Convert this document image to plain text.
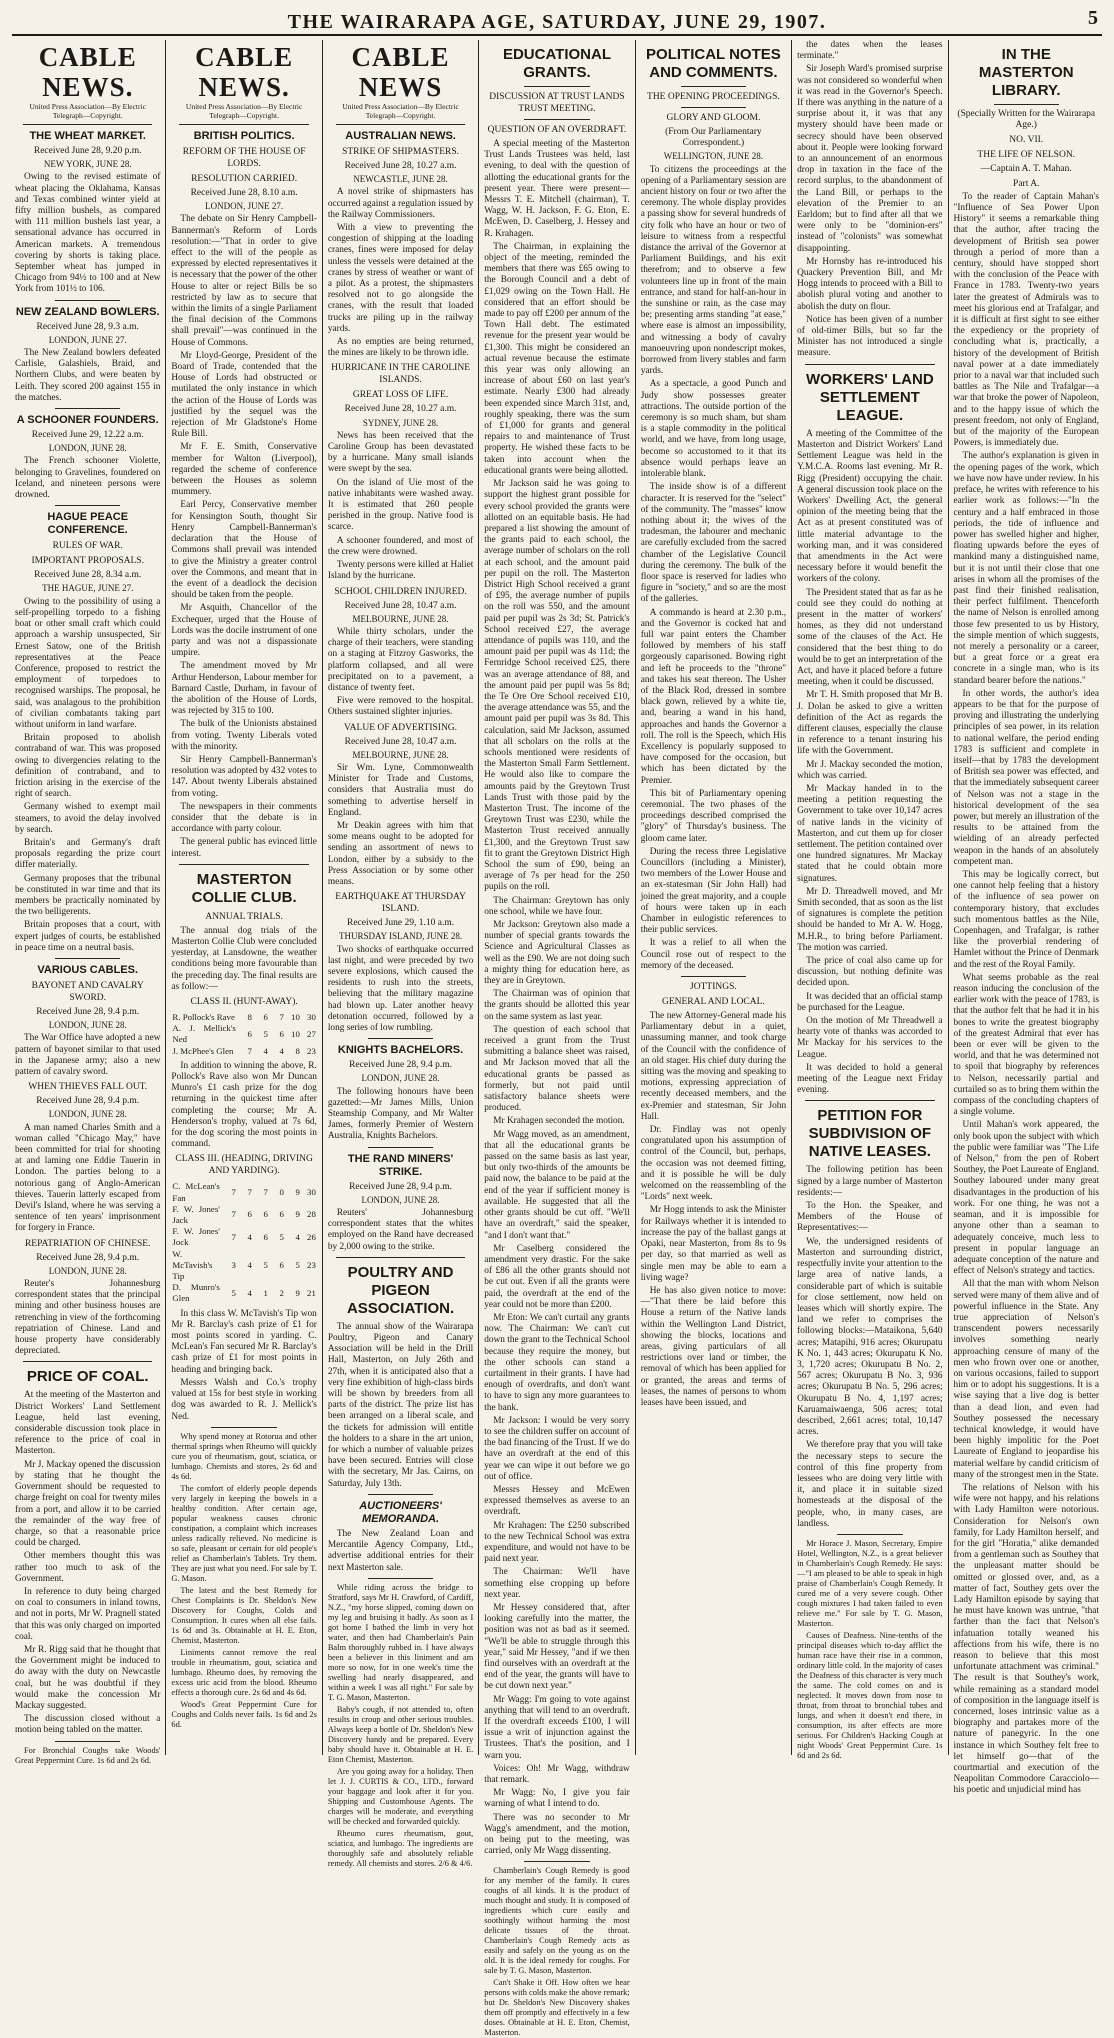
THE WAIRARAPA AGE, SATURDAY, JUNE 29, 1907.	5
CABLE NEWS.
United Press Association—By Electric Telegraph—Copyright.
THE WHEAT MARKET.
Received June 28, 9.20 p.m.
NEW YORK, JUNE 28.

Owing to the revised estimate of wheat placing the Oklahama, Kansas and Texas combined winter yield at fifty million bushels, as compared with 111 million bushels last year, a sensational advance has occurred in American markets. A tremendous covering by shorts is taking place. September wheat has jumped in Chicago from 94½ to 100 and at New York from 101½ to 106.

NEW ZEALAND BOWLERS.
Received June 28, 9.3 a.m.
LONDON, JUNE 27.

The New Zealand bowlers defeated Carlisle, Galashiels, Braid, and Northern Clubs, and were beaten by Leith. They scored 200 against 155 in the matches.

A SCHOONER FOUNDERS.
Received June 29, 12.22 a.m.
LONDON, JUNE 28.

The French schooner Violette, belonging to Gravelines, foundered on Iceland, and nineteen persons were drowned.

HAGUE PEACE CONFERENCE.
RULES OF WAR.
IMPORTANT PROPOSALS.
Received June 28, 8.34 a.m.
THE HAGUE, JUNE 27.

Owing to the possibility of using a self-propelling torpedo to a fishing boat or other small craft which could approach a warship unsuspected, Sir Ernest Satow, one of the British representatives at the Peace Conference, proposed to restrict the employment of torpedoes to recognised warships. The proposal, he said, was analagous to the prohibition of civilian combatants taking part without uniform in land warfare.

Britain proposed to abolish contraband of war. This was proposed owing to divergencies relating to the definition of contraband, and to friction arising in the exercise of the right of search.

Germany wished to exempt mail steamers, to avoid the delay involved by search.

Britain's and Germany's draft proposals regarding the prize court differ materially.

Germany proposes that the tribunal be constituted in war time and that its members be practically nominated by the two belligerents.

Britain proposes that a court, with expert judges of courts, be established in peace time on a neutral basis.

VARIOUS CABLES.
BAYONET AND CAVALRY SWORD.
Received June 28, 9.4 p.m.
LONDON, JUNE 28.

The War Office have adopted a new pattern of bayonet similar to that used in the Japanese army; also a new pattern of cavalry sword.

WHEN THIEVES FALL OUT.
Received June 28, 9.4 p.m.
LONDON, JUNE 28.

A man named Charles Smith and a woman called "Chicago May," have been committed for trial for shooting at and laming one Eddie Tauerin in London. The parties belong to a notorious gang of Anglo-American thieves. Tauerin latterly escaped from Devil's Island, where he was serving a sentence of ten years' imprisonment for forgery in France.

REPATRIATION OF CHINESE.
Received June 28, 9.4 p.m.
LONDON, JUNE 28.

Reuter's Johannesburg correspondent states that the principal mining and other business houses are retrenching in view of the forthcoming repatriation of Chinese. Land and house property have considerably depreciated.

PRICE OF COAL.

At the meeting of the Masterton and District Workers' Land Settlement League, held last evening, considerable discussion took place in reference to the price of coal in Masterton.

Mr J. Mackay opened the discussion by stating that he thought the Government should be requested to charge freight on coal for twenty miles from a port, and allow it to be carried the remainder of the way free of charge, so that a reasonable price could be charged.

Other members thought this was rather too much to ask of the Government.

In reference to duty being charged on coal to consumers in inland towns, and not in ports, Mr W. Pragnell stated that this was only charged on imported coal.

Mr R. Rigg said that he thought that the Government might be induced to do away with the duty on Newcastle coal, but he was doubtful if they would make the concession Mr Mackay suggested.

The discussion closed without a motion being tabled on the matter.

For Bronchial Coughs take Woods' Great Peppermint Cure. 1s 6d and 2s 6d.

CABLE NEWS.
United Press Association—By Electric Telegraph—Copyright.
BRITISH POLITICS.
REFORM OF THE HOUSE OF LORDS.
RESOLUTION CARRIED.
Received June 28, 8.10 a.m.
LONDON, JUNE 27.

The debate on Sir Henry Campbell-Bannerman's Reform of Lords resolution:—"That in order to give effect to the will of the people as expressed by elected representatives it is necessary that the power of the other House to alter or reject Bills be so restricted by law as to secure that within the limits of a single Parliament the final decision of the Commons shall prevail"—was continued in the House of Commons.

Mr Lloyd-George, President of the Board of Trade, contended that the House of Lords had obstructed or mutilated the only instance in which the action of the House of Lords was justified by the sequel was the rejection of Mr Gladstone's Home Rule Bill.

Mr F. E. Smith, Conservative member for Walton (Liverpool), regarded the scheme of conference between the Houses as solemn mummery.

Earl Percy, Conservative member for Kensington South, thought Sir Henry Campbell-Bannerman's declaration that the House of Commons shall prevail was intended to give the Ministry a greater control over the Commons, and meant that in the event of a deadlock the decision should be taken from the people.

Mr Asquith, Chancellor of the Exchequer, urged that the House of Lords was the docile instrument of one party and was not a dispassionate umpire.

The amendment moved by Mr Arthur Henderson, Labour member for Barnard Castle, Durham, in favour of the abolition of the House of Lords, was rejected by 315 to 100.

The bulk of the Unionists abstained from voting. Twenty Liberals voted with the minority.

Sir Henry Campbell-Bannerman's resolution was adopted by 432 votes to 147. About twenty Liberals abstained from voting.

The newspapers in their comments consider that the debate is in accordance with party colour.

The general public has evinced little interest.

MASTERTON COLLIE CLUB.
ANNUAL TRIALS.

The annual dog trials of the Masterton Collie Club were concluded yesterday, at Lansdowne, the weather conditions being more favourable than the preceding day. The final results are as follow:—

CLASS II. (HUNT-AWAY).
R. Pollock's Rave	8	6	7	10	30
A. J. Mellick's Ned	6	5	6	10	27
J. McPhee's Glen	7	4	4	8	23

In addition to winning the above, R. Pollock's Rave also won Mr Duncan Munro's £1 cash prize for the dog returning in the quickest time after completing the course; Mr A. Henderson's trophy, valued at 7s 6d, for the dog scoring the most points in command.

CLASS III. (HEADING, DRIVING AND YARDING).
C. McLean's Fan	7	7	7	0	9	30
F. W. Jones' Jack	7	6	6	6	9	28
F. W. Jones' Jock	7	4	6	5	4	26
W. McTavish's Tip	3	4	5	6	5	23
D. Munro's Glen	5	4	1	2	9	21

In this class W. McTavish's Tip won Mr R. Barclay's cash prize of £1 for most points scored in yarding. C. McLean's Fan secured Mr R. Barclay's cash prize of £1 for most points in heading and bringing back.

Messrs Walsh and Co.'s trophy valued at 15s for best style in working dog was awarded to R. J. Mellick's Ned.

Why spend money at Rotorua and other thermal springs when Rheumo will quickly cure you of rheumatism, gout, sciatica, or lumbago. Chemists and stores, 2s 6d and 4s 6d.

The comfort of elderly people depends very largely in keeping the bowels in a healthy condition. After certain age, popular weakness causes chronic constipation, a complaint which increases unless radically relieved. No medicine is so safe, pleasant or certain for old people's relief as Chamberlain's Tablets. Try them. They are just what you need. For sale by T. G. Mason.

The latest and the best Remedy for Chest Complaints is Dr. Sheldon's New Discovery for Coughs, Colds and Consumption. It cures when all else fails. 1s 6d and 3s. Obtainable at H. E. Eton, Chemist, Masterton.

Liniments cannot remove the real trouble in rheumatism, gout, sciatica and lumbago. Rheumo does, by removing the excess uric acid from the blood. Rheumo effects a thorough cure. 2s 6d and 4s 6d.

Wood's Great Peppermint Cure for Coughs and Colds never fails. 1s 6d and 2s 6d.

CABLE NEWS
United Press Association—By Electric Telegraph—Copyright.
AUSTRALIAN NEWS.
STRIKE OF SHIPMASTERS.
Received June 28, 10.27 a.m.
NEWCASTLE, JUNE 28.

A novel strike of shipmasters has occurred against a regulation issued by the Railway Commissioners.

With a view to preventing the congestion of shipping at the loading cranes, fines were imposed for delay unless the vessels were detained at the cranes by stress of weather or want of a pilot. As a protest, the shipmasters resolved not to go alongside the cranes, with the result that loaded trucks are piling up in the railway yards.

As no empties are being returned, the mines are likely to be thrown idle.

HURRICANE IN THE CAROLINE ISLANDS.
GREAT LOSS OF LIFE.
Received June 28, 10.27 a.m.
SYDNEY, JUNE 28.

News has been received that the Caroline Group has been devastated by a hurricane. Many small islands were swept by the sea.

On the island of Uie most of the native inhabitants were washed away. It is estimated that 260 people perished in the group. Native food is scarce.

A schooner foundered, and most of the crew were drowned.

Twenty persons were killed at Haliet Island by the hurricane.

SCHOOL CHILDREN INJURED.
Received June 28, 10.47 a.m.
MELBOURNE, JUNE 28.

While thirty scholars, under the charge of their teachers, were standing on a staging at Fitzroy Gasworks, the platform collapsed, and all were precipitated on to a pavement, a distance of twenty feet.

Five were removed to the hospital. Others sustained slighter injuries.

VALUE OF ADVERTISING.
Received June 28, 10.47 a.m.
MELBOURNE, JUNE 28.

Sir Wm. Lyne, Commonwealth Minister for Trade and Customs, considers that Australia must do something to advertise herself in England.

Mr Deakin agrees with him that some means ought to be adopted for sending an assortment of news to London, either by a subsidy to the Press Association or by some other means.

EARTHQUAKE AT THURSDAY ISLAND.
Received June 29, 1.10 a.m.
THURSDAY ISLAND, JUNE 28.

Two shocks of earthquake occurred last night, and were preceded by two severe explosions, which caused the residents to rush into the streets, believing that the military magazine had blown up. Later another heavy detonation occurred, followed by a long series of low rumbling.

KNIGHTS BACHELORS.
Received June 28, 9.4 p.m.
LONDON, JUNE 28.

The following honours have been gazetted:—Mr James Mills, Union Steamship Company, and Mr Walter James, formerly Premier of Western Australia, Knights Bachelors.

THE RAND MINERS' STRIKE.
Received June 28, 9.4 p.m.
LONDON, JUNE 28.

Reuters' Johannesburg correspondent states that the whites employed on the Rand have decreased by 2,000 owing to the strike.

POULTRY AND PIGEON ASSOCIATION.

The annual show of the Wairarapa Poultry, Pigeon and Canary Association will be held in the Drill Hall, Masterton, on July 26th and 27th, when it is anticipated also that a very fine exhibition of high-class birds will be shown by breeders from all parts of the district. The prize list has been arranged on a liberal scale, and the tickets for admission will entitle the holders to a share in the art union, for which a number of valuable prizes have been secured. Entries will close with the secretary, Mr Jas. Cairns, on Saturday, July 13th.

AUCTIONEERS' MEMORANDA.

The New Zealand Loan and Mercantile Agency Company, Ltd., advertise additional entries for their next Masterton sale.

While riding across the bridge to Stratford, says Mr H. Crawford, of Cardiff, N.Z., "my horse slipped, coming down on my leg and bruising it badly. As soon as I got home I bathed the limb in very hot water, and then had Chamberlain's Pain Balm thoroughly rubbed in. I have always been a believer in this liniment and am more so now, for in one week's time the swelling had nearly disappeared, and within a week I was all right." For sale by T. G. Mason, Masterton.

Baby's cough, if not attended to, often results in croup and other serious troubles. Always keep a bottle of Dr. Sheldon's New Discovery handy and be prepared. Every baby should have it. Obtainable at H. E. Eton Chemist, Masterton.

Are you going away for a holiday. Then let J. J. CURTIS & CO., LTD., forward your baggage and look after it for you. Shipping and Customhouse Agents. The charges will be moderate, and everything will be checked and forwarded quickly.

Rheumo cures rheumatism, gout, sciatica, and lumbago. The ingredients are thoroughly safe and absolutely reliable remedy. All chemists and stores. 2/6 & 4/6.

EDUCATIONAL GRANTS.
DISCUSSION AT TRUST LANDS TRUST MEETING.
QUESTION OF AN OVERDRAFT.

A special meeting of the Masterton Trust Lands Trustees was held, last evening, to deal with the question of allotting the educational grants for the present year. There were present—Messrs T. E. Mitchell (chairman), T. Wagg, W. H. Jackson, F. G. Eton, E. McEwen, D. Caselberg, J. Hessey and R. Krahagen.

The Chairman, in explaining the object of the meeting, reminded the members that there was £65 owing to the Borough Council and a debt of £1,029 owing on the Town Hall. He considered that an effort should be made to pay off £200 per annum of the Town Hall debt. The estimated revenue for the present year would be £1,300. This might be considered an actual revenue because the estimate this year was only allowing an increase of about £60 on last year's estimate. Nearly £300 had already been expended since March 31st, and, roughly speaking, there was the sum of £1,000 for grants and general repairs to and maintenance of Trust property. He wished these facts to be taken into account when the educational grants were being allotted.

Mr Jackson said he was going to support the highest grant possible for every school provided the grants were allotted on an equitable basis. He had prepared a list showing the amount of the grants paid to each school, the average number of scholars on the roll at each school, and the amount paid per pupil on the roll. The Masterton District High School received a grant of £95, the average number of pupils on the roll was 550, and the amount paid per pupil was 2s 3d; St. Patrick's School received £27, the average attendance of pupils was 110, and the amount paid per pupil was 4s 11d; the Fernridge School received £25, there was an average attendance of 88, and the amount paid per pupil was 5s 8d; the Te Ore Ore School received £10, the average attendance was 55, and the amount paid per pupil was 3s 8d. This calculation, said Mr Jackson, assumed that all scholars on the rolls at the schools mentioned were residents of the Masterton Small Farm Settlement. He would also like to compare the amounts paid by the Greytown Trust Lands Trust with those paid by the Masterton Trust. The income of the Greytown Trust was £230, while the Masterton Trust received annually £1,300, and the Greytown Trust saw fit to grant the Greytown District High School the sum of £90, being an average of 7s per head for the 250 pupils on the roll.

The Chairman: Greytown has only one school, while we have four.

Mr Jackson: Greytown also made a number of special grants towards the Science and Agricultural Classes as well as the £90. We are not doing such a mighty thing for education here, as they are in Greytown.

The Chairman was of opinion that the grants should be allotted this year on the same system as last year.

The question of each school that received a grant from the Trust submitting a balance sheet was raised, and Mr Jackson moved that all the educational grants be passed as formerly, but not paid until satisfactory balance sheets were produced.

Mr Krahagen seconded the motion.

Mr Wagg moved, as an amendment, that all the educational grants be passed on the same basis as last year, but only two-thirds of the amounts be paid now, the balance to be paid at the end of the year if sufficient money is available. He suggested that all the other grants should be cut off. "We'll have an overdraft," said the speaker, "and I don't want that."

Mr Caselberg considered the amendment very drastic. For the sake of £86 all the other grants should not be cut out. Even if all the grants were paid, the overdraft at the end of the year could not be more than £200.

Mr Eton: We can't curtail any grants now. The Chairman: We can't cut down the grant to the Technical School because they require the money, but the other schools can stand a curtailment in their grants. I have had enough of overdrafts, and don't want to have to sign any more guarantees to the bank.

Mr Jackson: I would be very sorry to see the children suffer on account of the bad financing of the Trust. If we do have an overdraft at the end of this year we can wipe it out before we go out of office.

Messrs Hessey and McEwen expressed themselves as averse to an overdraft.

Mr Krahagen: The £250 subscribed to the new Technical School was extra expenditure, and would not have to be paid next year.

The Chairman: We'll have something else cropping up before next year.

Mr Hessey considered that, after looking carefully into the matter, the position was not as bad as it seemed. "We'll be able to struggle through this year," said Mr Hessey, "and if we then find ourselves with an overdraft at the end of the year, the grants will have to be cut down next year."

Mr Wagg: I'm going to vote against anything that will tend to an overdraft. If the overdraft exceeds £100, I will issue a writ of injunction against the Trustees. That's the position, and I warn you.

Voices: Oh! Mr Wagg, withdraw that remark.

Mr Wagg: No, I give you fair warning of what I intend to do.

There was no seconder to Mr Wagg's amendment, and the motion, on being put to the meeting, was carried, only Mr Wagg dissenting.

Chamberlain's Cough Remedy is good for any member of the family. It cures coughs of all kinds. It is the product of much thought and study. It is composed of ingredients which cure easily and soothingly without harming the most delicate tissues of the throat. Chamberlain's Cough Remedy acts as easily and safely on the young as on the old. It is the ideal remedy for coughs. For sale by T. G. Mason, Masterton.

Can't Shake it Off. How often we hear persons with colds make the above remark; but Dr. Sheldon's New Discovery shakes them off promptly and effectively in a few doses. Obtainable at H. E. Eton, Chemist, Masterton.

POLITICAL NOTES AND COMMENTS.
THE OPENING PROCEEDINGS.
GLORY AND GLOOM.
(From Our Parliamentary Correspondent.)
WELLINGTON, JUNE 28.

To citizens the proceedings at the opening of a Parliamentary session are ancient history on four or two after the ceremony. The whole display provides a passing show for several hundreds of city folk who have an hour or two of leisure to witness from a respectful distance the arrival of the Governor at Parliament Buildings, and his exit therefrom; and to observe a few volunteers line up in front of the main entrance, and stand for half-an-hour in the sunshine or rain, as the case may be; presenting arms standing "at ease," where ease is almost an impossibility, and witnessing a body of cavalry manoeuvring upon nondescript mokes, borrowed from livery stables and farm yards.

As a spectacle, a good Punch and Judy show possesses greater attractions. The outside portion of the ceremony is so much sham, but sham is a staple commodity in the political world, and we have, from long usage, become so accustomed to it that its absence would perhaps leave an intolerable blank.

The inside show is of a different character. It is reserved for the "select" of the community. The "masses" know nothing about it; the wives of the tradesman, the labourer and mechanic are carefully excluded from the sacred chamber of the Legislative Council during the ceremony. The bulk of the floor space is reserved for ladies who figure in "society," and so are the most of the galleries.

A commando is heard at 2.30 p.m., and the Governor is cocked hat and full war paint enters the Chamber followed by members of his staff gorgeously caparisoned. Bowing right and left he proceeds to the "throne" and takes his seat thereon. The Usher of the Black Rod, dressed in sombre black gown, relieved by a white tie, and, bearing a wand in his hand, approaches and hands the Governor a roll. The roll is the Speech, which His Excellency is popularly supposed to have composed for the occasion, but which has been dictated by the Premier.

This bit of Parliamentary opening ceremonial. The two phases of the proceedings described comprised the "glory" of Thursday's business. The gloom came later.

During the recess three Legislative Councillors (including a Minister), two members of the Lower House and an ex-statesman (Sir John Hall) had joined the great majority, and a couple of hours were taken up in each Chamber in eulogistic references to their public services.

It was a relief to all when the Council rose out of respect to the memory of the deceased.

JOTTINGS.
GENERAL AND LOCAL.

The new Attorney-General made his Parliamentary debut in a quiet, unassuming manner, and took charge of the Council with the confidence of an old stager. His chief duty during the sitting was the moving and speaking to motions, expressing appreciation of recently deceased members, and the ex-Premier and statesman, Sir John Hall.

Dr. Findlay was not openly congratulated upon his assumption of control of the Council, but, perhaps, the occasion was not deemed fitting, and it is possible he will be duly welcomed on the reassembling of the "Lords" next week.

Mr Hogg intends to ask the Minister for Railways whether it is intended to increase the pay of the ballast gangs at Opaki, near Masterton, from 8s to 9s per day, so that married as well as single men may be able to earn a living wage?

He has also given notice to move:—"That there be laid before this House a return of the Native lands within the Wellington Land District, showing the blocks, locations and areas, giving particulars of all restrictions over land or timber, the removal of which has been applied for or granted, the areas and terms of leases, the names of persons to whom leases have been issued, and

the dates when the leases terminate."

Sir Joseph Ward's promised surprise was not considered so wonderful when it was read in the Governor's Speech. If there was anything in the nature of a surprise about it, it was that any mystery should have been made or secrecy should have been observed about it. People were looking forward to an announcement of an enormous drop in taxation in the face of the record surplus, to the abandonment of the Land Bill, or perhaps to the elevation of the Premier to an Earldom; but to find after all that we were only to be "dominion-ers" instead of "colonists" was somewhat disappointing.

Mr Hornsby has re-introduced his Quackery Prevention Bill, and Mr Hogg intends to proceed with a Bill to abolish plural voting and another to abolish the duty on flour.

Notice has been given of a number of old-timer Bills, but so far the Minister has not introduced a single measure.

WORKERS' LAND SETTLEMENT LEAGUE.

A meeting of the Committee of the Masterton and District Workers' Land Settlement League was held in the Y.M.C.A. Rooms last evening. Mr R. Rigg (President) occupying the chair. A general discussion took place on the Workers' Dwelling Act, the general opinion of the meeting being that the Act as at present constituted was of little material advantage to the working man, and it was considered that amendments in the Act were necessary before it would benefit the workers of the colony.

The President stated that as far as he could see they could do nothing at present in the matter of workers' homes, as they did not understand some of the clauses of the Act. He considered that the best thing to do would be to get an interpretation of the Act, and have it placed before a future meeting, when it could be discussed.

Mr T. H. Smith proposed that Mr B. J. Dolan be asked to give a written definition of the Act as regards the different clauses, especially the clause in reference to a tenant insuring his life with the Government.

Mr J. Mackay seconded the motion, which was carried.

Mr Mackay handed in to the meeting a petition requesting the Government to take over 10,147 acres of native lands in the vicinity of Masterton, and cut them up for closer settlement. The petition contained over one hundred signatures. Mr Mackay stated that he could obtain more signatures.

Mr D. Threadwell moved, and Mr Smith seconded, that as soon as the list of signatures is complete the petition should be handed to Mr A. W. Hogg, M.H.R., to bring before Parliament. The motion was carried.

The price of coal also came up for discussion, but nothing definite was decided upon.

It was decided that an official stamp be purchased for the League.

On the motion of Mr Threadwell a hearty vote of thanks was accorded to Mr Mackay for his services to the League.

It was decided to hold a general meeting of the League next Friday evening.

PETITION FOR SUBDIVISION OF NATIVE LEASES.

The following petition has been signed by a large number of Masterton residents:—

To the Hon. the Speaker, and Members of the House of Representatives:—

We, the undersigned residents of Masterton and surrounding district, respectfully invite your attention to the large area of native lands, a considerable part of which is suitable for close settlement, now held on leases which will shortly expire. The land we refer to comprises the following blocks:—Mataikona, 5,640 acres; Matapihi, 916 acres; Okurupatu K No. 1, 443 acres; Okurupatu K No. 3, 1,720 acres; Okurupatu B No. 2, 567 acres; Okurupatu B No. 3, 936 acres; Okurupatu B No. 5, 296 acres; Okurupatu B No. 4, 1,197 acres; Karuamaiwaenga, 506 acres; total described, 2,661 acres; total, 10,147 acres.

We therefore pray that you will take the necessary steps to secure the control of this fine property from lessees who are doing very little with it, and place it in suitable sized homesteads at the disposal of the people, who, in many cases, are landless.

Mr Horace J. Mason, Secretary, Empire Hotel, Wellington, N.Z., is a great believer in Chamberlain's Cough Remedy. He says:—"I am pleased to be able to speak in high praise of Chamberlain's Cough Remedy. It cured me of a very severe cough. Other cough mixtures I had taken failed to even relieve me." For sale by T. G. Mason, Masterton.

Causes of Deafness. Nine-tenths of the principal diseases which to-day afflict the human race have their rise in a common, ordinary little cold. In the majority of cases the Deafness of this character is very much the same. The cold comes on and is neglected. It moves down from nose to throat, from throat to bronchial tubes and lungs, and when it doesn't end there, in consumption, its after effects are more serious. For Children's Hacking Cough at night Woods' Great Peppermint Cure. 1s 6d and 2s 6d.

IN THE MASTERTON LIBRARY.
(Specially Written for the Wairarapa Age.)
NO. VII.
THE LIFE OF NELSON.
—Captain A. T. Mahan.
Part A.

To the reader of Captain Mahan's "Influence of Sea Power Upon History" it seems a remarkable thing that the author, after tracing the development of British sea power through a period of more than a century, should have stopped short with the conclusion of the Peace with France in 1783. Twenty-two years later the greatest of Admirals was to meet his glorious end at Trafalgar, and it is difficult at first sight to see either the expediency or the propriety of concluding what is, practically, a history of the development of British naval power at a date immediately prior to a naval war that included such battles as The Nile and Trafalgar—a war that broke the power of Napoleon, and to the happy issue of which the present freedom, not only of England, but of the majority of the European Powers, is immediately due.

The author's explanation is given in the opening pages of the work, which we have now have under review. In his preface, he writes with reference to his earlier work as follows:—"In the century and a half embraced in those periods, the tide of influence and power has swelled higher and higher, floating upwards before the eyes of mankind many a distinguished name, but it is not until their close that one arises in whom all the promises of the past find their finished realisation, their perfect fulfilment. Thenceforth the name of Nelson is enrolled among those few presented to us by History, the simple mention of which suggests, not merely a personality or a career, but a great force or a great era concrete in a single man, who is its standard bearer before the nations."

In other words, the author's idea appears to be that for the purpose of proving and illustrating the underlying principles of sea power, in its relation to national welfare, the period ending 1783 is sufficient and complete in itself—that by 1783 the development of British sea power was effected, and that the immediately subsequent career of Nelson was not a stage in the historical development of the sea power, but merely an illustration of the results to be attained from the wielding of an already perfected weapon in the hands of an absolutely competent man.

This may be logically correct, but one cannot help feeling that a history of the influence of sea power on contemporary history, that excludes such momentous battles as the Nile, Copenhagen, and Trafalgar, is rather like the proverbial rendering of Hamlet without the Prince of Denmark and the rest of the Royal Family.

What seems probable as the real reason inducing the conclusion of the earlier work with the peace of 1783, is that the author felt that he had it in his bones to write the greatest biography of the greatest Admiral that ever has been or ever will be given to the world, and that he was determined not to spoil that biography by references to Nelson, necessarily partial and curtailed so as to bring them within the compass of the concluding chapters of a single volume.

Until Mahan's work appeared, the only book upon the subject with which the public were familiar was "The Life of Nelson," from the pen of Robert Southey, the Poet Laureate of England. Southey laboured under many great disadvantages in the production of his work. For one thing, he was not a seaman, and it is impossible for anyone other than a seaman to adequately conceive, much less to present in popular language an adequate conception of the nature and effect of Nelson's strategy and tactics.

All that the man with whom Nelson served were many of them alive and of powerful influence in the State. Any true appreciation of Nelson's transcendent powers necessarily involves something nearly approaching censure of many of the men who frown over one or another, on various occasions, failed to support him or to adopt his suggestions. It is a wise saying that a live dog is better than a dead lion, and even had Southey possessed the necessary technical knowledge, it would have been highly impolitic for the Poet Laureate of England to jeopardise his material welfare by candid criticism of many of the strongest men in the State.

The relations of Nelson with his wife were not happy, and his relations with Lady Hamilton were notorious. Consideration for Nelson's own family, for Lady Hamilton herself, and for the girl "Horatia," alike demanded from a gentleman such as Southey that the unpleasant matter should be omitted or glossed over, and, as a matter of fact, Southey gets over the Lady Hamilton episode by saying that he must have known was untrue, "that farther than the fact that Nelson's infatuation totally weaned his affections from his wife, there is no reason to believe that this most unfortunate attachment was criminal." The result is that Southey's work, while remaining as a standard model of composition in the language itself is concerned, loses intrinsic value as a biography and partakes more of the nature of panegyric. In the one instance in which Southey felt free to let himself go—that of the courtmartial and execution of the Neapolitan Commodore Caracciolo—his poetic and unjudicial mind has
